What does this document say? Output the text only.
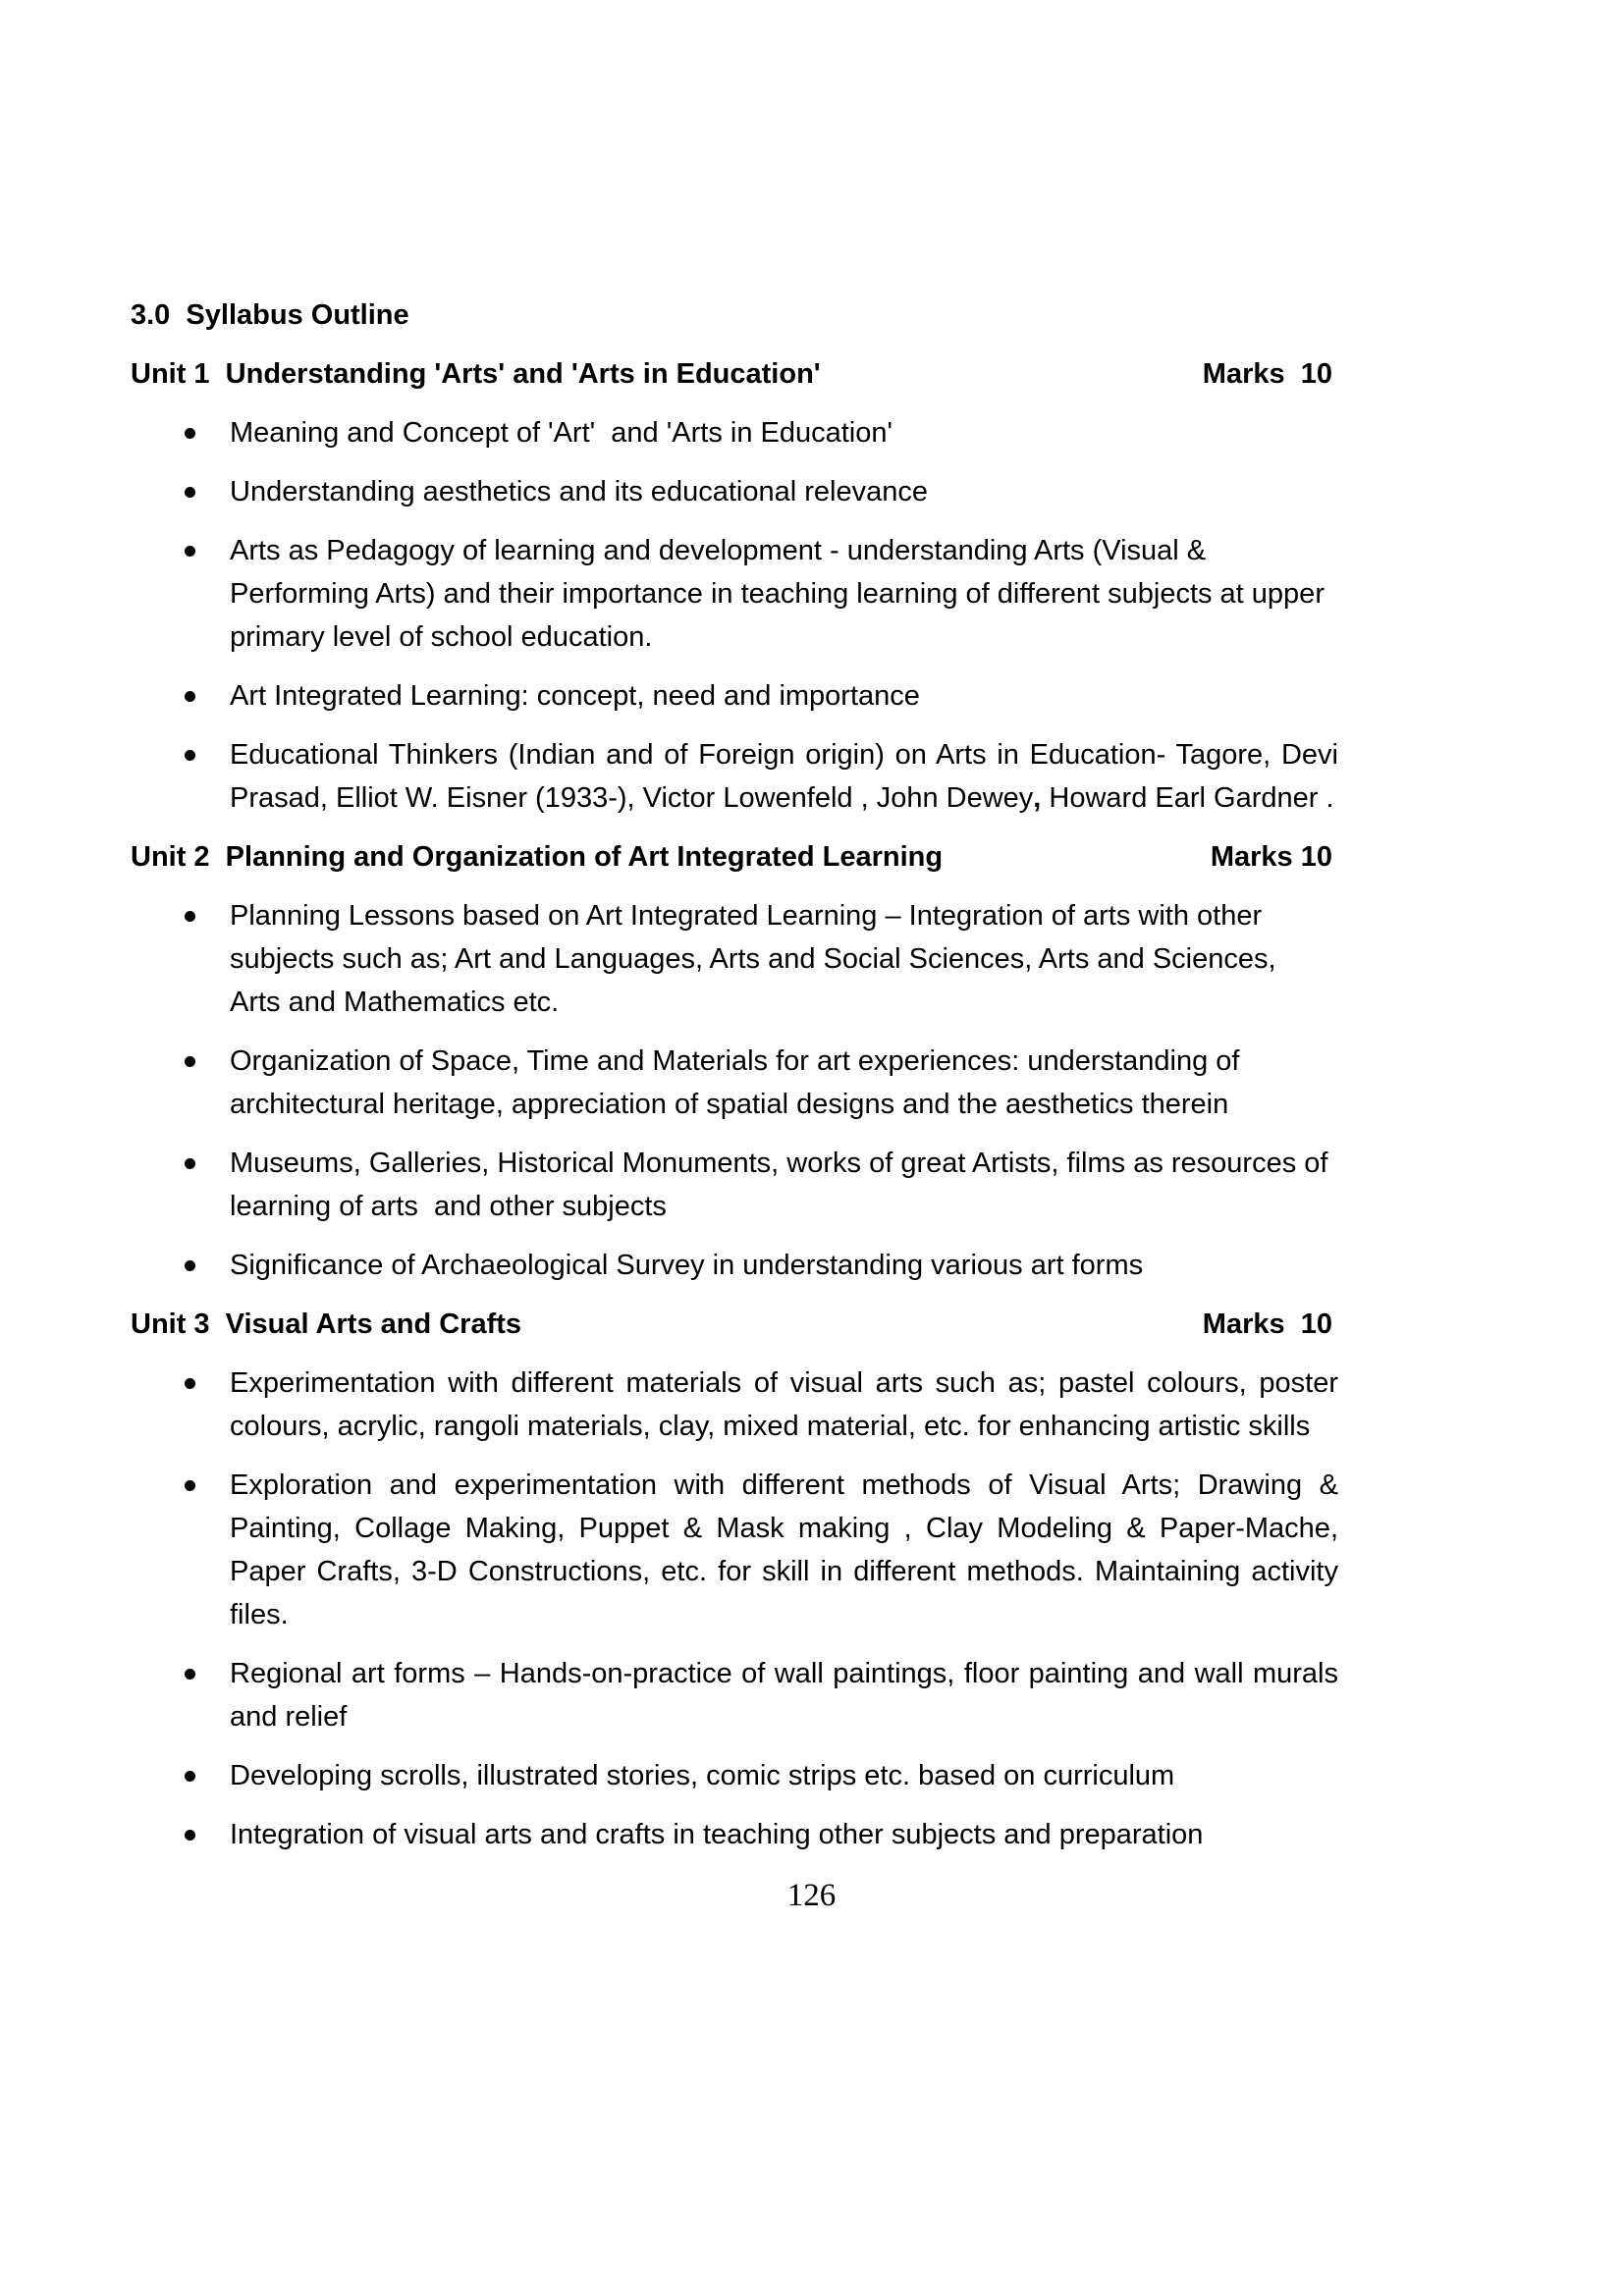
3.0  Syllabus Outline
Unit 1  Understanding 'Arts' and 'Arts in Education'	Marks  10
Meaning and Concept of 'Art'  and 'Arts in Education'
Understanding aesthetics and its educational relevance
Arts as Pedagogy of learning and development - understanding Arts (Visual & Performing Arts) and their importance in teaching learning of different subjects at upper primary level of school education.
Art Integrated Learning: concept, need and importance
Educational Thinkers (Indian and of Foreign origin) on Arts in Education- Tagore, Devi Prasad, Elliot W. Eisner (1933-), Victor Lowenfeld , John Dewey, Howard Earl Gardner .
Unit 2  Planning and Organization of Art Integrated Learning	Marks 10
Planning Lessons based on Art Integrated Learning – Integration of arts with other subjects such as; Art and Languages, Arts and Social Sciences, Arts and Sciences,  Arts and Mathematics etc.
Organization of Space, Time and Materials for art experiences: understanding of architectural heritage, appreciation of spatial designs and the aesthetics therein
Museums, Galleries, Historical Monuments, works of great Artists, films as resources of learning of arts  and other subjects
Significance of Archaeological Survey in understanding various art forms
Unit 3  Visual Arts and Crafts	Marks  10
Experimentation with different materials of visual arts such as; pastel colours, poster colours, acrylic, rangoli materials, clay, mixed material, etc. for enhancing artistic skills
Exploration and experimentation with different methods of Visual Arts; Drawing & Painting, Collage Making, Puppet & Mask making , Clay Modeling & Paper-Mache, Paper Crafts, 3-D Constructions, etc. for skill in different methods. Maintaining activity files.
Regional art forms – Hands-on-practice of wall paintings, floor painting and wall murals and relief
Developing scrolls, illustrated stories, comic strips etc. based on curriculum
Integration of visual arts and crafts in teaching other subjects and preparation
126
